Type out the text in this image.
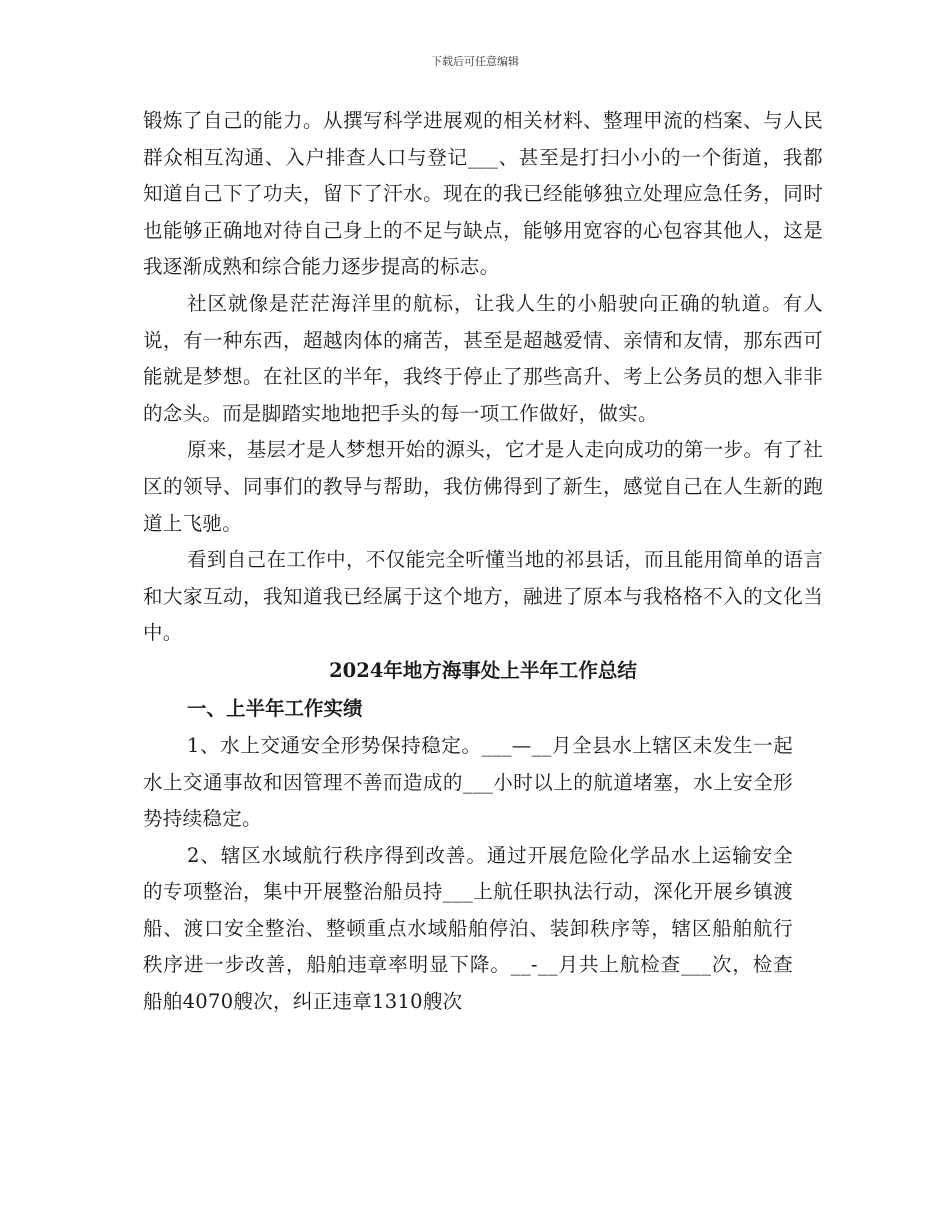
下载后可任意编辑

锻炼了自己的能力。从撰写科学进展观的相关材料、整理甲流的档案、与人民群众相互沟通、入户排查人口与登记___、甚至是打扫小小的一个街道，我都知道自己下了功夫，留下了汗水。现在的我已经能够独立处理应急任务，同时也能够正确地对待自己身上的不足与缺点，能够用宽容的心包容其他人，这是我逐渐成熟和综合能力逐步提高的标志。

社区就像是茫茫海洋里的航标，让我人生的小船驶向正确的轨道。有人说，有一种东西，超越肉体的痛苦，甚至是超越爱情、亲情和友情，那东西可能就是梦想。在社区的半年，我终于停止了那些高升、考上公务员的想入非非的念头。而是脚踏实地地把手头的每一项工作做好，做实。

原来，基层才是人梦想开始的源头，它才是人走向成功的第一步。有了社区的领导、同事们的教导与帮助，我仿佛得到了新生，感觉自己在人生新的跑道上飞驰。

看到自己在工作中，不仅能完全听懂当地的祁县话，而且能用简单的语言和大家互动，我知道我已经属于这个地方，融进了原本与我格格不入的文化当中。

2024年地方海事处上半年工作总结

一、上半年工作实绩

1、水上交通安全形势保持稳定。___—__月全县水上辖区未发生一起水上交通事故和因管理不善而造成的___小时以上的航道堵塞，水上安全形势持续稳定。

2、辖区水域航行秩序得到改善。通过开展危险化学品水上运输安全的专项整治，集中开展整治船员持___上航任职执法行动，深化开展乡镇渡船、渡口安全整治、整顿重点水域船舶停泊、装卸秩序等，辖区船舶航行秩序进一步改善，船舶违章率明显下降。__-__月共上航检查___次，检查船舶4070艘次，纠正违章1310艘次
